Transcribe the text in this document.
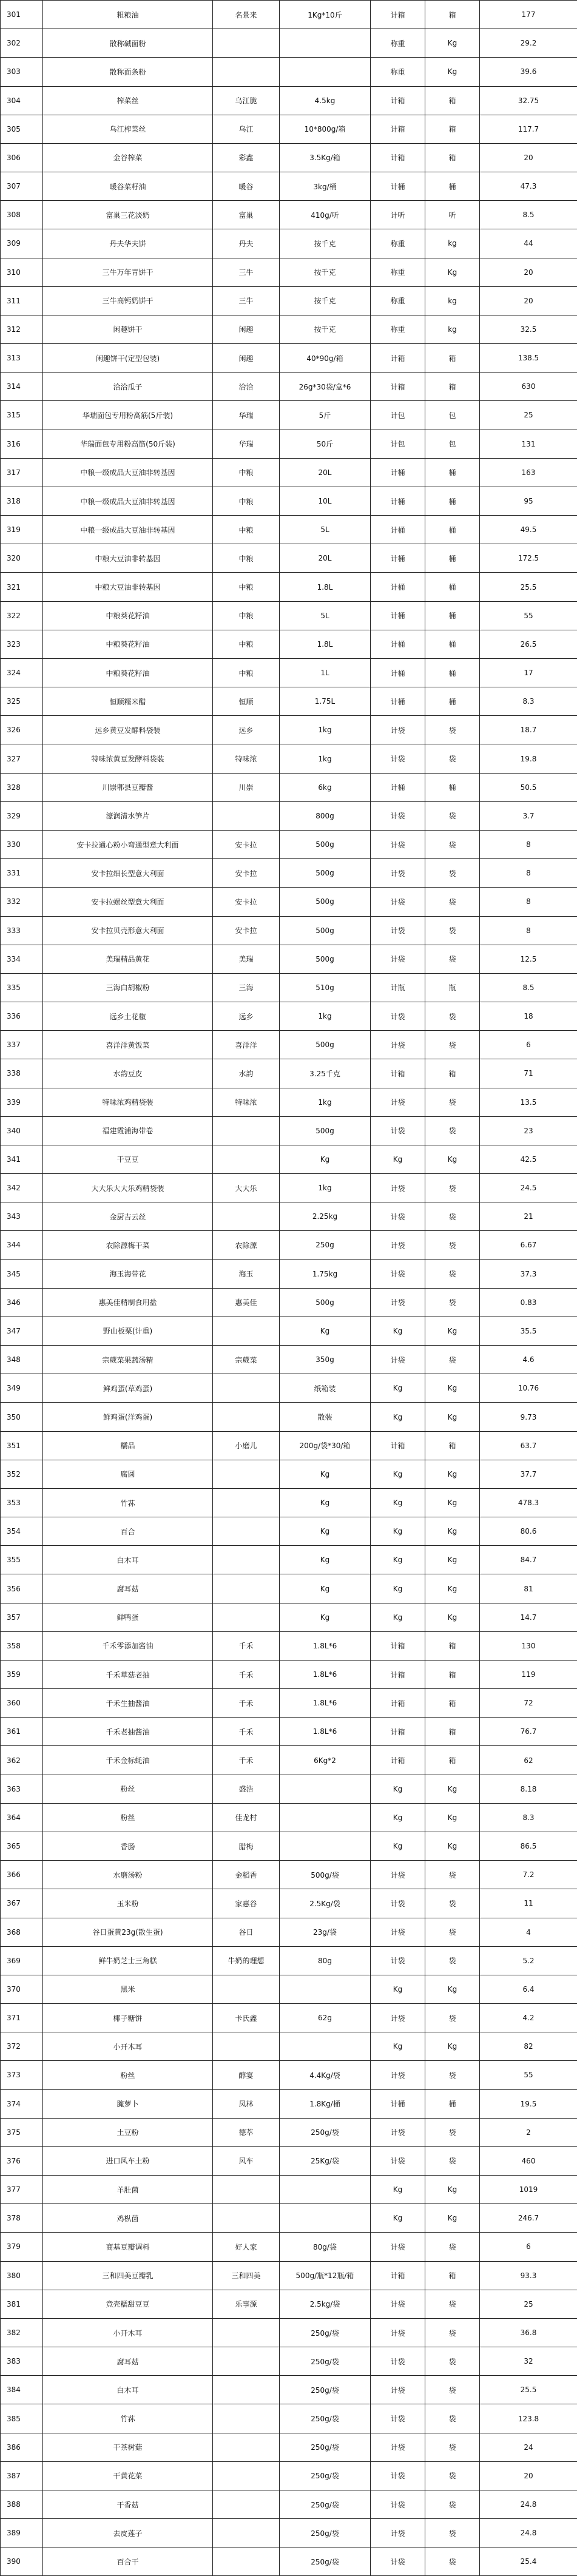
301	粗粮油	名景来	1Kg*10斤	计箱	箱	177
302	散称碱面粉			称重	Kg	29.2
303	散称面条粉			称重	Kg	39.6
304	榨菜丝	乌江脆	4.5kg	计箱	箱	32.75
305	乌江榨菜丝	乌江	10*800g/箱	计箱	箱	117.7
306	金谷榨菜	彩鑫	3.5Kg/箱	计箱	箱	20
307	暖谷菜籽油	暖谷	3kg/桶	计桶	桶	47.3
308	富巢三花淡奶	富巢	410g/听	计听	听	8.5
309	丹夫华夫饼	丹夫	按千克	称重	kg	44
310	三牛万年青饼干	三牛	按千克	称重	Kg	20
311	三牛高钙奶饼干	三牛	按千克	称重	kg	20
312	闲趣饼干	闲趣	按千克	称重	kg	32.5
313	闲趣饼干(定型包装)	闲趣	40*90g/箱	计箱	箱	138.5
314	洽洽瓜子	洽洽	26g*30袋/盒*6	计箱	箱	630
315	华瑞面包专用粉高筋(5斤装)	华瑞	5斤	计包	包	25
316	华瑞面包专用粉高筋(50斤装)	华瑞	50斤	计包	包	131
317	中粮一级成品大豆油非转基因	中粮	20L	计桶	桶	163
318	中粮一级成品大豆油非转基因	中粮	10L	计桶	桶	95
319	中粮一级成品大豆油非转基因	中粮	5L	计桶	桶	49.5
320	中粮大豆油非转基因	中粮	20L	计桶	桶	172.5
321	中粮大豆油非转基因	中粮	1.8L	计桶	桶	25.5
322	中粮葵花籽油	中粮	5L	计桶	桶	55
323	中粮葵花籽油	中粮	1.8L	计桶	桶	26.5
324	中粮葵花籽油	中粮	1L	计桶	桶	17
325	恒顺糯米醋	恒顺	1.75L	计桶	桶	8.3
326	远乡黄豆发酵料袋装	远乡	1kg	计袋	袋	18.7
327	特味浓黄豆发酵料袋装	特味浓	1kg	计袋	袋	19.8
328	川崇郫县豆瓣酱	川崇	6kg	计桶	桶	50.5
329	濠润清水笋片		800g	计袋	袋	3.7
330	安卡拉通心粉小弯通型意大利面	安卡拉	500g	计袋	袋	8
331	安卡拉细长型意大利面	安卡拉	500g	计袋	袋	8
332	安卡拉螺丝型意大利面	安卡拉	500g	计袋	袋	8
333	安卡拉贝壳形意大利面	安卡拉	500g	计袋	袋	8
334	美瑞精品黄花	美瑞	500g	计袋	袋	12.5
335	三海白胡椒粉	三海	510g	计瓶	瓶	8.5
336	远乡土花椒	远乡	1kg	计袋	袋	18
337	喜洋洋黄饭菜	喜洋洋	500g	计袋	袋	6
338	水韵豆皮	水韵	3.25千克	计箱	箱	71
339	特味浓鸡精袋装	特味浓	1kg	计袋	袋	13.5
340	福建霞浦海带卷		500g	计袋	袋	23
341	干豆豆		Kg	Kg	Kg	42.5
342	大大乐大大乐鸡精袋装	大大乐	1kg	计袋	袋	24.5
343	金厨吉云丝		2.25kg	计袋	袋	21
344	农除源梅干菜	农除源	250g	计袋	袋	6.67
345	海玉海带花	海玉	1.75kg	计袋	袋	37.3
346	惠美佳精制食用盐	惠美佳	500g	计袋	袋	0.83
347	野山板栗(计重)		Kg	Kg	Kg	35.5
348	宗葳菜果蔬汤精	宗葳菜	350g	计袋	袋	4.6
349	鲜鸡蛋(草鸡蛋)		纸箱装	Kg	Kg	10.76
350	鲜鸡蛋(洋鸡蛋)		散装	Kg	Kg	9.73
351	糯品	小磨儿	200g/袋*30/箱	计箱	箱	63.7
352	腐圆		Kg	Kg	Kg	37.7
353	竹荪		Kg	Kg	Kg	478.3
354	百合		Kg	Kg	Kg	80.6
355	白木耳		Kg	Kg	Kg	84.7
356	腐耳菇		Kg	Kg	Kg	81
357	鲜鸭蛋		Kg	Kg	Kg	14.7
358	千禾零添加酱油	千禾	1.8L*6	计箱	箱	130
359	千禾草菇老抽	千禾	1.8L*6	计箱	箱	119
360	千禾生抽酱油	千禾	1.8L*6	计箱	箱	72
361	千禾老抽酱油	千禾	1.8L*6	计箱	箱	76.7
362	千禾金标蚝油	千禾	6Kg*2	计箱	箱	62
363	粉丝	盛浩		Kg	Kg	8.18
364	粉丝	佳龙村		Kg	Kg	8.3
365	香肠	腊梅		Kg	Kg	86.5
366	水磨汤粉	金稻香	500g/袋	计袋	袋	7.2
367	玉米粉	家惠谷	2.5Kg/袋	计袋	袋	11
368	谷日蛋黄23g(散生蛋)	谷日	23g/袋	计袋	袋	4
369	鲜牛奶芝士三角糕	牛奶的理想	80g	计袋	袋	5.2
370	黑米			Kg	Kg	6.4
371	椰子糖饼	卡氏鑫	62g	计袋	袋	4.2
372	小开木耳			Kg	Kg	82
373	粉丝	醇宴	4.4Kg/袋	计袋	袋	55
374	腌萝卜	凤林	1.8Kg/桶	计桶	桶	19.5
375	土豆粉	德萃	250g/袋	计袋	袋	2
376	进口风车土粉	风车	25Kg/袋	计袋	袋	460
377	羊肚菌			Kg	Kg	1019
378	鸡枞菌			Kg	Kg	246.7
379	商基豆瓣调料	好人家	80g/袋	计袋	袋	6
380	三和四美豆瓣乳	三和四美	500g/瓶*12瓶/箱	计箱	箱	93.3
381	竞壳糯甜豆豆	乐事源	2.5kg/袋	计袋	袋	25
382	小开木耳		250g/袋	计袋	袋	36.8
383	腐耳菇		250g/袋	计袋	袋	32
384	白木耳		250g/袋	计袋	袋	25.5
385	竹荪		250g/袋	计袋	袋	123.8
386	干茶树菇		250g/袋	计袋	袋	24
387	干黄花菜		250g/袋	计袋	袋	20
388	干香菇		250g/袋	计袋	袋	24.8
389	去皮莲子		250g/袋	计袋	袋	24.8
390	百合干		250g/袋	计袋	袋	25.4
